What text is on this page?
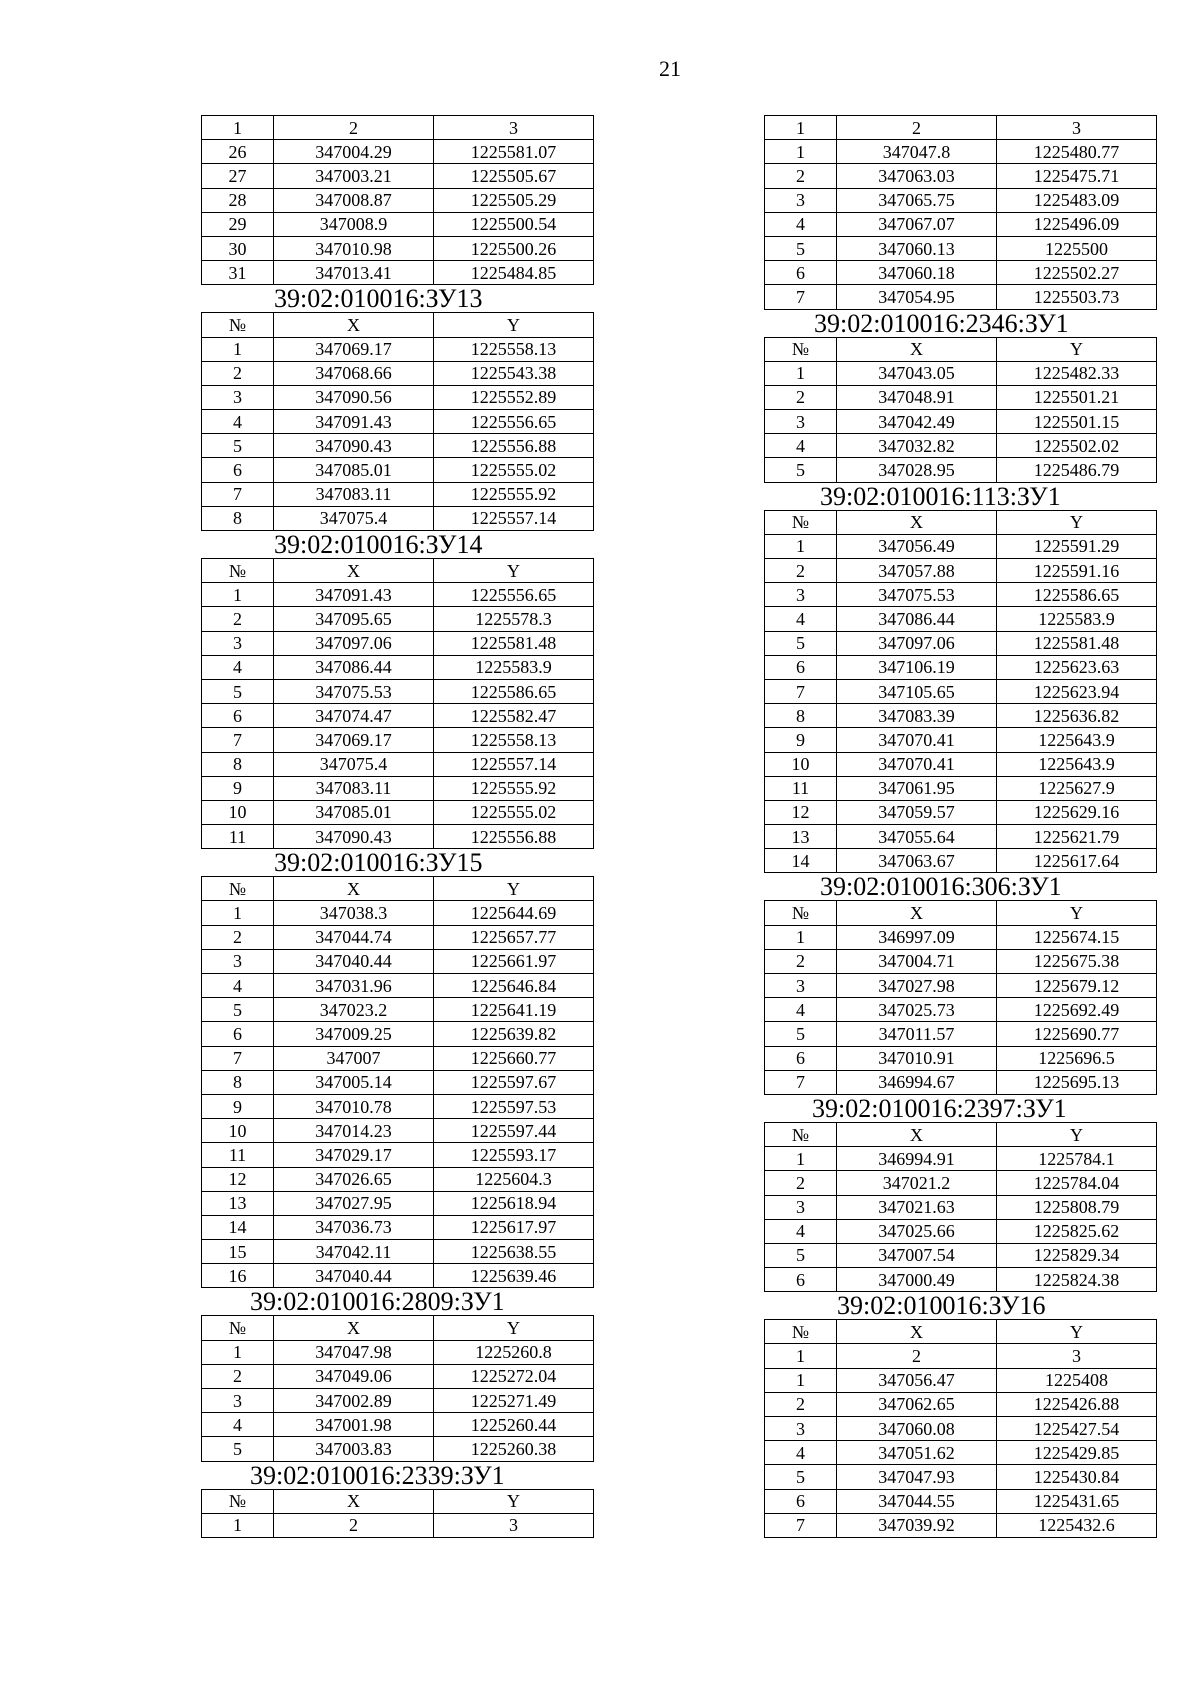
21
1	2	3
26	347004.29	1225581.07
27	347003.21	1225505.67
28	347008.87	1225505.29
29	347008.9	1225500.54
30	347010.98	1225500.26
31	347013.41	1225484.85
39:02:010016:ЗУ13
№	X	Y
1	347069.17	1225558.13
2	347068.66	1225543.38
3	347090.56	1225552.89
4	347091.43	1225556.65
5	347090.43	1225556.88
6	347085.01	1225555.02
7	347083.11	1225555.92
8	347075.4	1225557.14
39:02:010016:ЗУ14
№	X	Y
1	347091.43	1225556.65
2	347095.65	1225578.3
3	347097.06	1225581.48
4	347086.44	1225583.9
5	347075.53	1225586.65
6	347074.47	1225582.47
7	347069.17	1225558.13
8	347075.4	1225557.14
9	347083.11	1225555.92
10	347085.01	1225555.02
11	347090.43	1225556.88
39:02:010016:ЗУ15
№	X	Y
1	347038.3	1225644.69
2	347044.74	1225657.77
3	347040.44	1225661.97
4	347031.96	1225646.84
5	347023.2	1225641.19
6	347009.25	1225639.82
7	347007	1225660.77
8	347005.14	1225597.67
9	347010.78	1225597.53
10	347014.23	1225597.44
11	347029.17	1225593.17
12	347026.65	1225604.3
13	347027.95	1225618.94
14	347036.73	1225617.97
15	347042.11	1225638.55
16	347040.44	1225639.46
39:02:010016:2809:ЗУ1
№	X	Y
1	347047.98	1225260.8
2	347049.06	1225272.04
3	347002.89	1225271.49
4	347001.98	1225260.44
5	347003.83	1225260.38
39:02:010016:2339:ЗУ1
№	X	Y
1	2	3
1	2	3
1	347047.8	1225480.77
2	347063.03	1225475.71
3	347065.75	1225483.09
4	347067.07	1225496.09
5	347060.13	1225500
6	347060.18	1225502.27
7	347054.95	1225503.73
39:02:010016:2346:ЗУ1
№	X	Y
1	347043.05	1225482.33
2	347048.91	1225501.21
3	347042.49	1225501.15
4	347032.82	1225502.02
5	347028.95	1225486.79
39:02:010016:113:ЗУ1
№	X	Y
1	347056.49	1225591.29
2	347057.88	1225591.16
3	347075.53	1225586.65
4	347086.44	1225583.9
5	347097.06	1225581.48
6	347106.19	1225623.63
7	347105.65	1225623.94
8	347083.39	1225636.82
9	347070.41	1225643.9
10	347070.41	1225643.9
11	347061.95	1225627.9
12	347059.57	1225629.16
13	347055.64	1225621.79
14	347063.67	1225617.64
39:02:010016:306:ЗУ1
№	X	Y
1	346997.09	1225674.15
2	347004.71	1225675.38
3	347027.98	1225679.12
4	347025.73	1225692.49
5	347011.57	1225690.77
6	347010.91	1225696.5
7	346994.67	1225695.13
39:02:010016:2397:ЗУ1
№	X	Y
1	346994.91	1225784.1
2	347021.2	1225784.04
3	347021.63	1225808.79
4	347025.66	1225825.62
5	347007.54	1225829.34
6	347000.49	1225824.38
39:02:010016:ЗУ16
№	X	Y
1	2	3
1	347056.47	1225408
2	347062.65	1225426.88
3	347060.08	1225427.54
4	347051.62	1225429.85
5	347047.93	1225430.84
6	347044.55	1225431.65
7	347039.92	1225432.6
